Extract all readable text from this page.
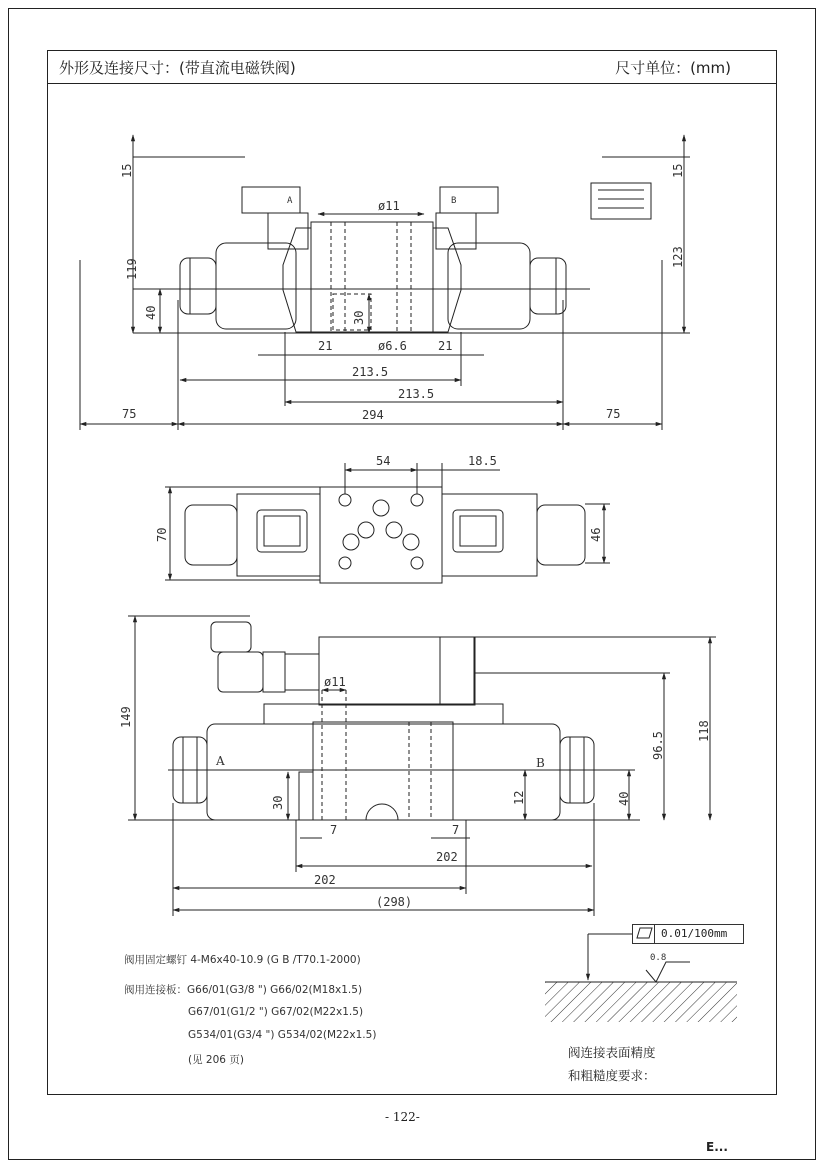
外形及连接尺寸：(带直流电磁铁阀)	尺寸单位：(mm)
15
119
40	30
ø11
21	ø6.6	21
213.5
213.5
75	294	75
15
123
A	B
54	18.5
70	46
149
ø11
30
7	7
202
202
(298)
12	40
96.5	118
A	B
0.8
0.01/100mm
阀用固定螺钉 4-M6x40-10.9 (G B /T70.1-2000)
阀用连接板：G66/01(G3/8 ") G66/02(M18x1.5)
G67/01(G1/2 ") G67/02(M22x1.5)
G534/01(G3/4 ") G534/02(M22x1.5)
(见 206 页)	阀连接表面精度
和粗糙度要求：
- 122-
E...
